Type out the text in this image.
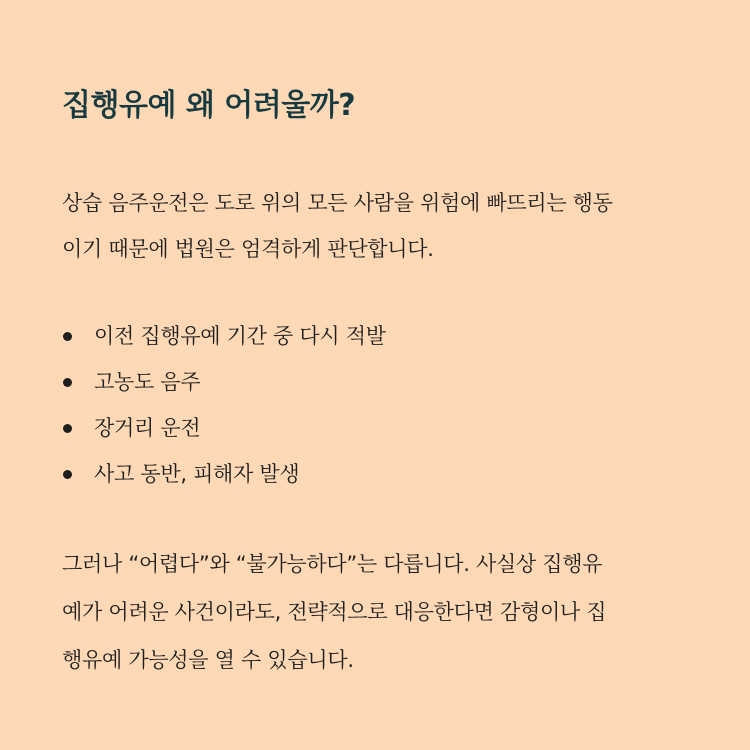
집행유예 왜 어려울까?

상습 음주운전은 도로 위의 모든 사람을 위험에 빠뜨리는 행동
이기 때문에 법원은 엄격하게 판단합니다.

이전 집행유예 기간 중 다시 적발
고농도 음주
장거리 운전
사고 동반, 피해자 발생

그러나 “어렵다”와 “불가능하다”는 다릅니다. 사실상 집행유
예가 어려운 사건이라도, 전략적으로 대응한다면 감형이나 집
행유예 가능성을 열 수 있습니다.
